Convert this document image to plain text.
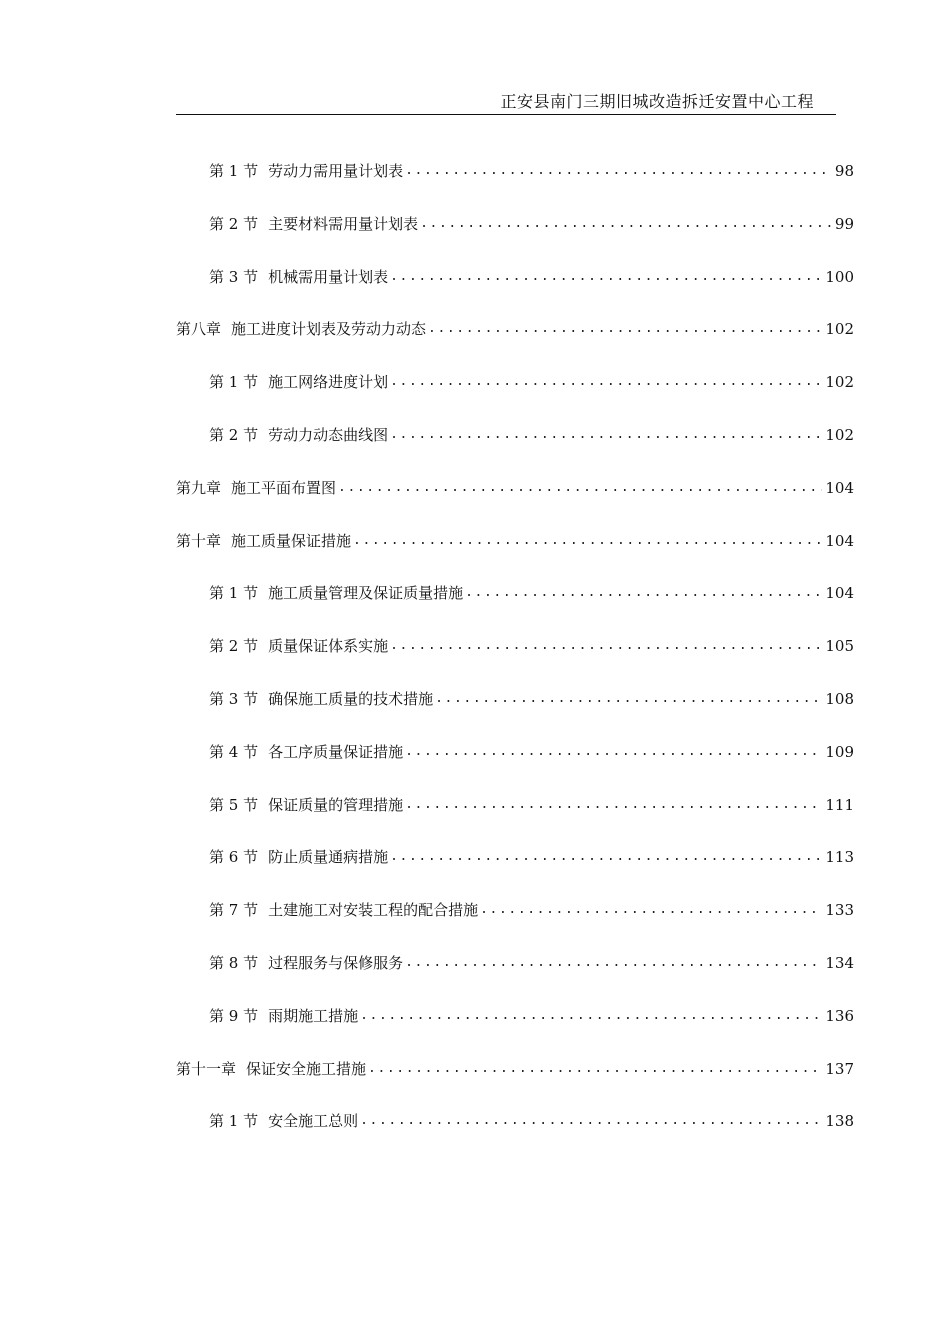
正安县南门三期旧城改造拆迁安置中心工程
第 1 节 劳动力需用量计划表 .....	98
第 2 节 主要材料需用量计划表 .....	99
第 3 节 机械需用量计划表 .....	100
第八章 施工进度计划表及劳动力动态 .....	102
第 1 节 施工网络进度计划 .....	102
第 2 节 劳动力动态曲线图 .....	102
第九章 施工平面布置图 .....	104
第十章 施工质量保证措施 .....	104
第 1 节 施工质量管理及保证质量措施 .....	104
第 2 节 质量保证体系实施 .....	105
第 3 节 确保施工质量的技术措施 .....	108
第 4 节 各工序质量保证措施 .....	109
第 5 节 保证质量的管理措施 .....	111
第 6 节 防止质量通病措施 .....	113
第 7 节 土建施工对安装工程的配合措施 .....	133
第 8 节 过程服务与保修服务 .....	134
第 9 节 雨期施工措施 .....	136
第十一章 保证安全施工措施 .....	137
第 1 节 安全施工总则 .....	138
